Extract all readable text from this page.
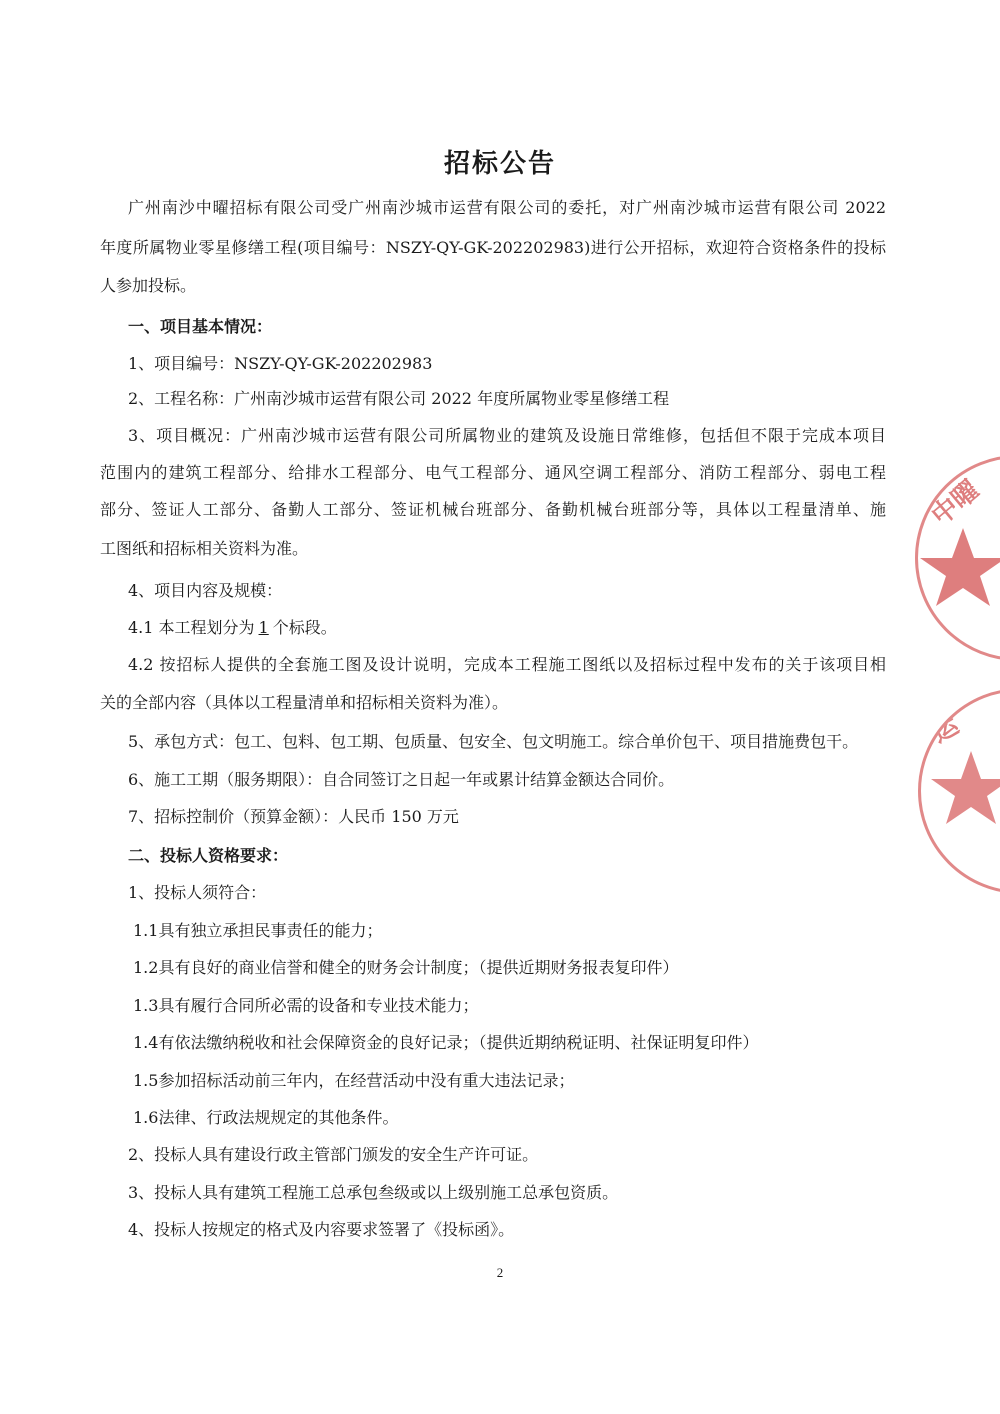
招标公告
广州南沙中曜招标有限公司受广州南沙城市运营有限公司的委托，对广州南沙城市运营有限公司 2022
年度所属物业零星修缮工程(项目编号：NSZY-QY-GK-202202983)进行公开招标，欢迎符合资格条件的投标
人参加投标。
一、项目基本情况：
1、项目编号：NSZY-QY-GK-202202983
2、工程名称：广州南沙城市运营有限公司 2022 年度所属物业零星修缮工程
3、项目概况：广州南沙城市运营有限公司所属物业的建筑及设施日常维修，包括但不限于完成本项目
范围内的建筑工程部分、给排水工程部分、电气工程部分、通风空调工程部分、消防工程部分、弱电工程
部分、签证人工部分、备勤人工部分、签证机械台班部分、备勤机械台班部分等，具体以工程量清单、施
工图纸和招标相关资料为准。
4、项目内容及规模：
4.1 本工程划分为 1 个标段。
4.2 按招标人提供的全套施工图及设计说明，完成本工程施工图纸以及招标过程中发布的关于该项目相
关的全部内容（具体以工程量清单和招标相关资料为准）。
5、承包方式：包工、包料、包工期、包质量、包安全、包文明施工。综合单价包干、项目措施费包干。
6、施工工期（服务期限）：自合同签订之日起一年或累计结算金额达合同价。
7、招标控制价（预算金额）：人民币 150 万元
二、投标人资格要求：
1、投标人须符合：
1.1具有独立承担民事责任的能力；
1.2具有良好的商业信誉和健全的财务会计制度；（提供近期财务报表复印件）
1.3具有履行合同所必需的设备和专业技术能力；
1.4有依法缴纳税收和社会保障资金的良好记录；（提供近期纳税证明、社保证明复印件）
1.5参加招标活动前三年内，在经营活动中没有重大违法记录；
1.6法律、行政法规规定的其他条件。
2、投标人具有建设行政主管部门颁发的安全生产许可证。
3、投标人具有建筑工程施工总承包叁级或以上级别施工总承包资质。
4、投标人按规定的格式及内容要求签署了《投标函》。
2
中曜
运
